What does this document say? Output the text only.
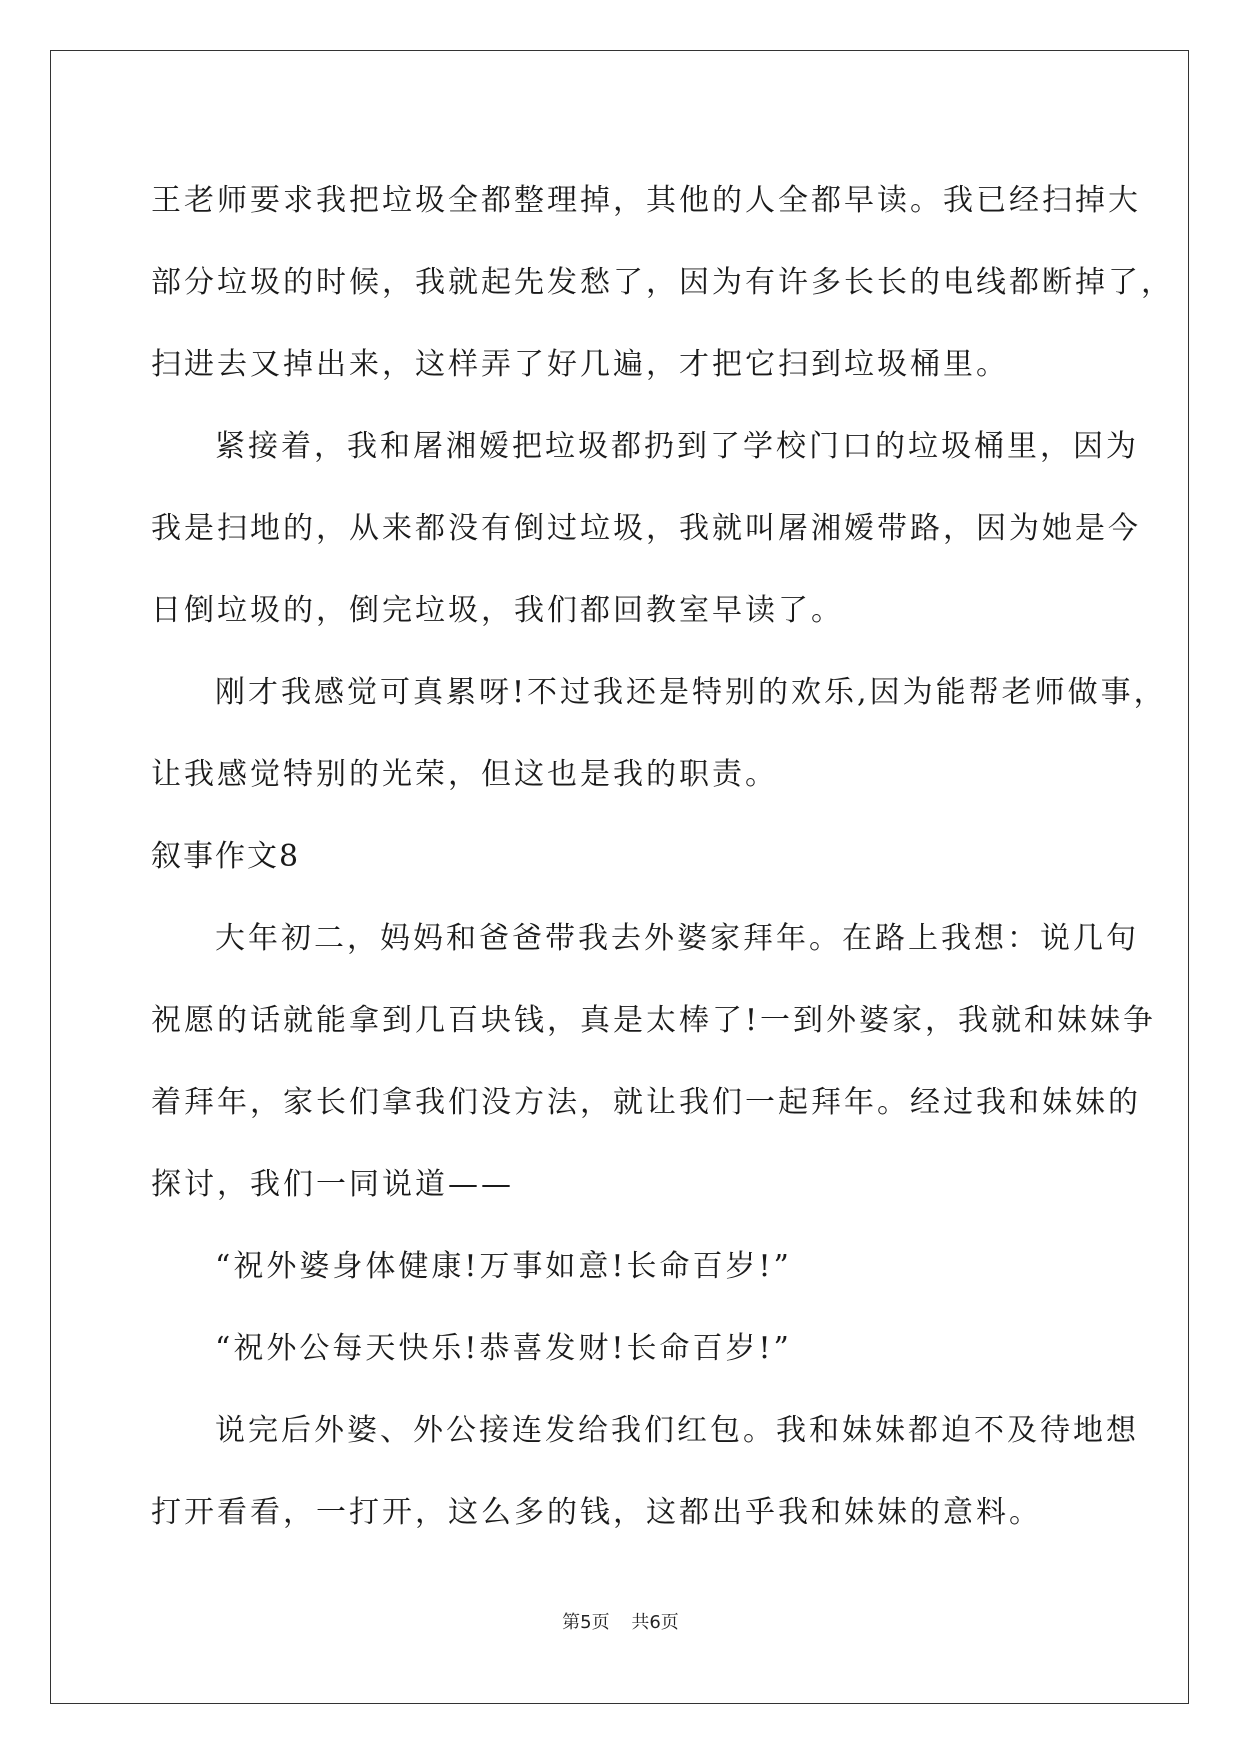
王老师要求我把垃圾全都整理掉，其他的人全都早读。我已经扫掉大
部分垃圾的时候，我就起先发愁了，因为有许多长长的电线都断掉了，
扫进去又掉出来，这样弄了好几遍，才把它扫到垃圾桶里。
紧接着，我和屠湘嫒把垃圾都扔到了学校门口的垃圾桶里，因为
我是扫地的，从来都没有倒过垃圾，我就叫屠湘嫒带路，因为她是今
日倒垃圾的，倒完垃圾，我们都回教室早读了。
刚才我感觉可真累呀!不过我还是特别的欢乐,因为能帮老师做事，
让我感觉特别的光荣，但这也是我的职责。
叙事作文8
大年初二，妈妈和爸爸带我去外婆家拜年。在路上我想：说几句
祝愿的话就能拿到几百块钱，真是太棒了!一到外婆家，我就和妹妹争
着拜年，家长们拿我们没方法，就让我们一起拜年。经过我和妹妹的
探讨，我们一同说道——
“祝外婆身体健康!万事如意!长命百岁!”
“祝外公每天快乐!恭喜发财!长命百岁!”
说完后外婆、外公接连发给我们红包。我和妹妹都迫不及待地想
打开看看，一打开，这么多的钱，这都出乎我和妹妹的意料。
第5页 共6页
